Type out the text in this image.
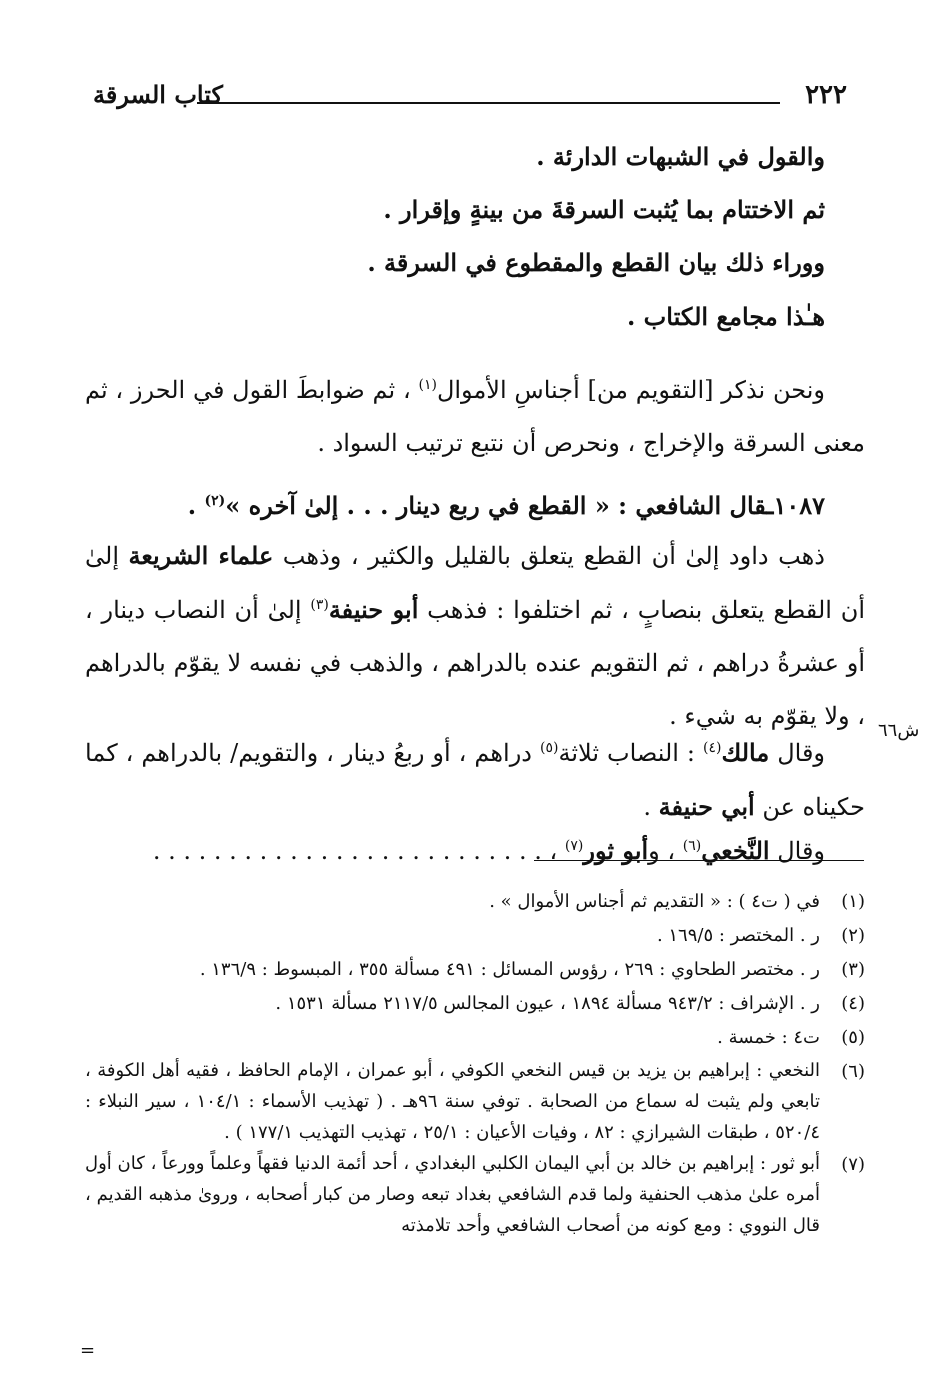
٢٢٢
كتاب السرقة

والقول في الشبهات الدارئة .

ثم الاختتام بما يُثبت السرقةَ من بينةٍ وإقرار .

ووراء ذلك بيان القطع والمقطوع في السرقة .

هـٰذا مجامع الكتاب .

ونحن نذكر [التقويم من] أجناسِ الأموال$^{(١)}$ ، ثم ضوابطَ القول في الحرز ، ثم معنى السرقة والإخراج ، ونحرص أن نتبع ترتيب السواد .

١٠٨٧ـقال الشافعي : « القطع في ربع دينار . . . إلىٰ آخره »$^{(٢)}$ .

ذهب داود إلىٰ أن القطع يتعلق بالقليل والكثير ، وذهب علماء الشريعة إلىٰ أن القطع يتعلق بنصابٍ ، ثم اختلفوا : فذهب أبو حنيفة$^{(٣)}$ إلىٰ أن النصاب دينار ، أو عشرةُ دراهم ، ثم التقويم عنده بالدراهم ، والذهب في نفسه لا يقوّم بالدراهم ، ولا يقوّم به شيء .

وقال مالك$^{(٤)}$ : النصاب ثلاثة$^{(٥)}$ دراهم ، أو ربعُ دينار ، والتقويم/ بالدراهم ، كما حكيناه عن أبي حنيفة .

وقال النَّخعي$^{(٦)}$ ، وأبو ثور$^{(٧)}$ ، . . . . . . . . . . . . . . . . . . . . . . . . . .

ش٦٦
(١)
في ( ت٤ ) : « التقديم ثم أجناس الأموال » .
(٢)
ر . المختصر : ١٦٩/٥ .
(٣)
ر . مختصر الطحاوي : ٢٦٩ ، رؤوس المسائل : ٤٩١ مسألة ٣٥٥ ، المبسوط : ١٣٦/٩ .
(٤)
ر . الإشراف : ٩٤٣/٢ مسألة ١٨٩٤ ، عيون المجالس ٢١١٧/٥ مسألة ١٥٣١ .
(٥)
ت٤ : خمسة .
(٦)
النخعي : إبراهيم بن يزيد بن قيس النخعي الكوفي ، أبو عمران ، الإمام الحافظ ، فقيه أهل الكوفة ، تابعي ولم يثبت له سماع من الصحابة . توفي سنة ٩٦هـ . ( تهذيب الأسماء : ١٠٤/١ ، سير النبلاء : ٥٢٠/٤ ، طبقات الشيرازي : ٨٢ ، وفيات الأعيان : ٢٥/١ ، تهذيب التهذيب ١٧٧/١ ) .
(٧)
أبو ثور : إبراهيم بن خالد بن أبي اليمان الكلبي البغدادي ، أحد أئمة الدنيا فقهاً وعلماً وورعاً ، كان أول أمره علىٰ مذهب الحنفية ولما قدم الشافعي بغداد تبعه وصار من كبار أصحابه ، ورویٰ مذهبه القديم ، قال النووي : ومع كونه من أصحاب الشافعي وأحد تلامذته
=
